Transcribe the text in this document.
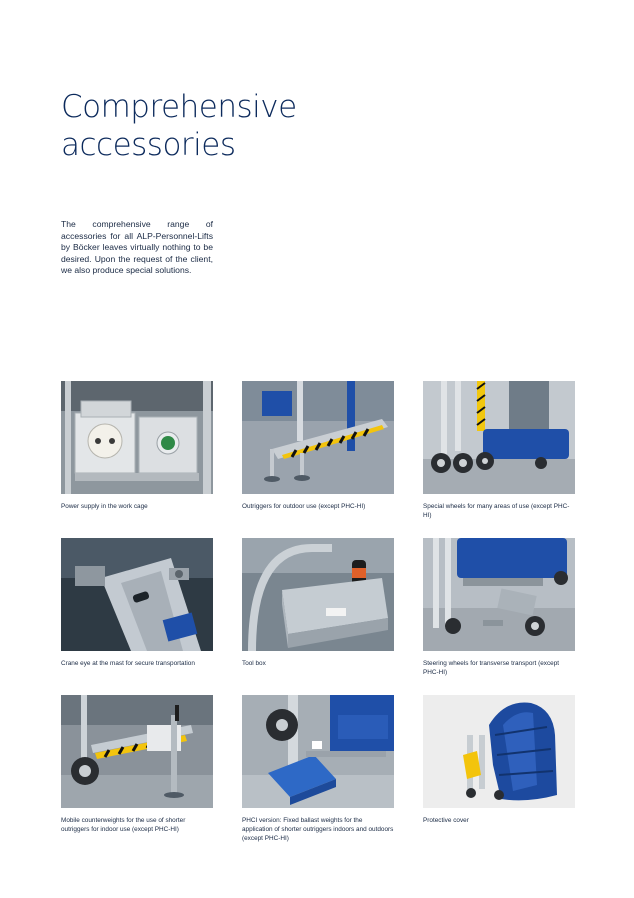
Comprehensive
accessories

The comprehensive range of accessories for all ALP-Personnel-Lifts by Böcker leaves virtually nothing to be desired. Upon the request of the client, we also produce special solutions.

Power supply in the work cage	Outriggers for outdoor use (except PHC-HI)	Special wheels for many areas of use (except PHC-HI)

Crane eye at the mast for secure transportation	Tool box	Steering wheels for transverse transport (except PHC-HI)

Mobile counterweights for the use of shorter outriggers for indoor use (except PHC-HI)

PHCI version: Fixed ballast weights for the application of shorter outriggers indoors and outdoors (except PHC-HI)

Protective cover
